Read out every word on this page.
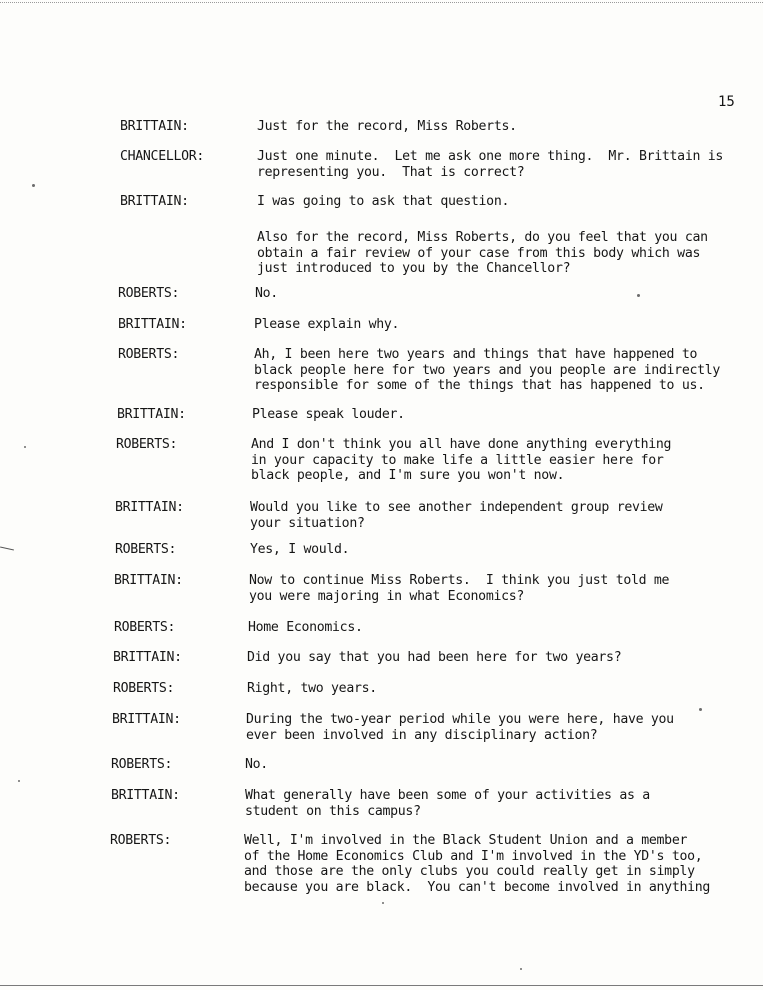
15
BRITTAIN:	Just for the record, Miss Roberts.
CHANCELLOR:	Just one minute.  Let me ask one more thing.  Mr. Brittain is
representing you.  That is correct?
BRITTAIN:	I was going to ask that question.
Also for the record, Miss Roberts, do you feel that you can
obtain a fair review of your case from this body which was
just introduced to you by the Chancellor?
ROBERTS:	No.
BRITTAIN:	Please explain why.
ROBERTS:	Ah, I been here two years and things that have happened to
black people here for two years and you people are indirectly
responsible for some of the things that has happened to us.
BRITTAIN:	Please speak louder.
ROBERTS:	And I don't think you all have done anything everything
in your capacity to make life a little easier here for
black people, and I'm sure you won't now.
BRITTAIN:	Would you like to see another independent group review
your situation?
ROBERTS:	Yes, I would.
BRITTAIN:	Now to continue Miss Roberts.  I think you just told me
you were majoring in what Economics?
ROBERTS:	Home Economics.
BRITTAIN:	Did you say that you had been here for two years?
ROBERTS:	Right, two years.
BRITTAIN:	During the two-year period while you were here, have you
ever been involved in any disciplinary action?
ROBERTS:	No.
BRITTAIN:	What generally have been some of your activities as a
student on this campus?
ROBERTS:	Well, I'm involved in the Black Student Union and a member
of the Home Economics Club and I'm involved in the YD's too,
and those are the only clubs you could really get in simply
because you are black.  You can't become involved in anything
